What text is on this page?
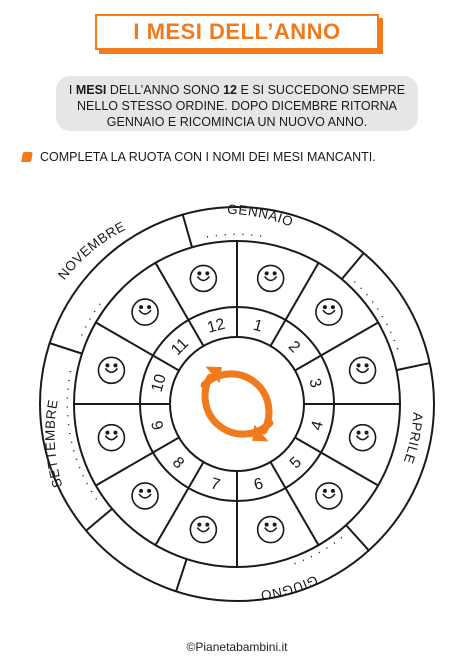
I MESI DELL’ANNO
I MESI DELL’ANNO SONO 12 E SI SUCCEDONO SEMPRE NELLO STESSO ORDINE. DOPO DICEMBRE RITORNA GENNAIO E RICOMINCIA UN NUOVO ANNO.
COMPLETA LA RUOTA CON I NOMI DEI MESI MANCANTI.
1
2
3
4
5
6
7
8
9
10
11
12
GENNAIO
NOVEMBRE
APRILE
GIUGNO
SETTEMBRE
©Pianetabambini.it
